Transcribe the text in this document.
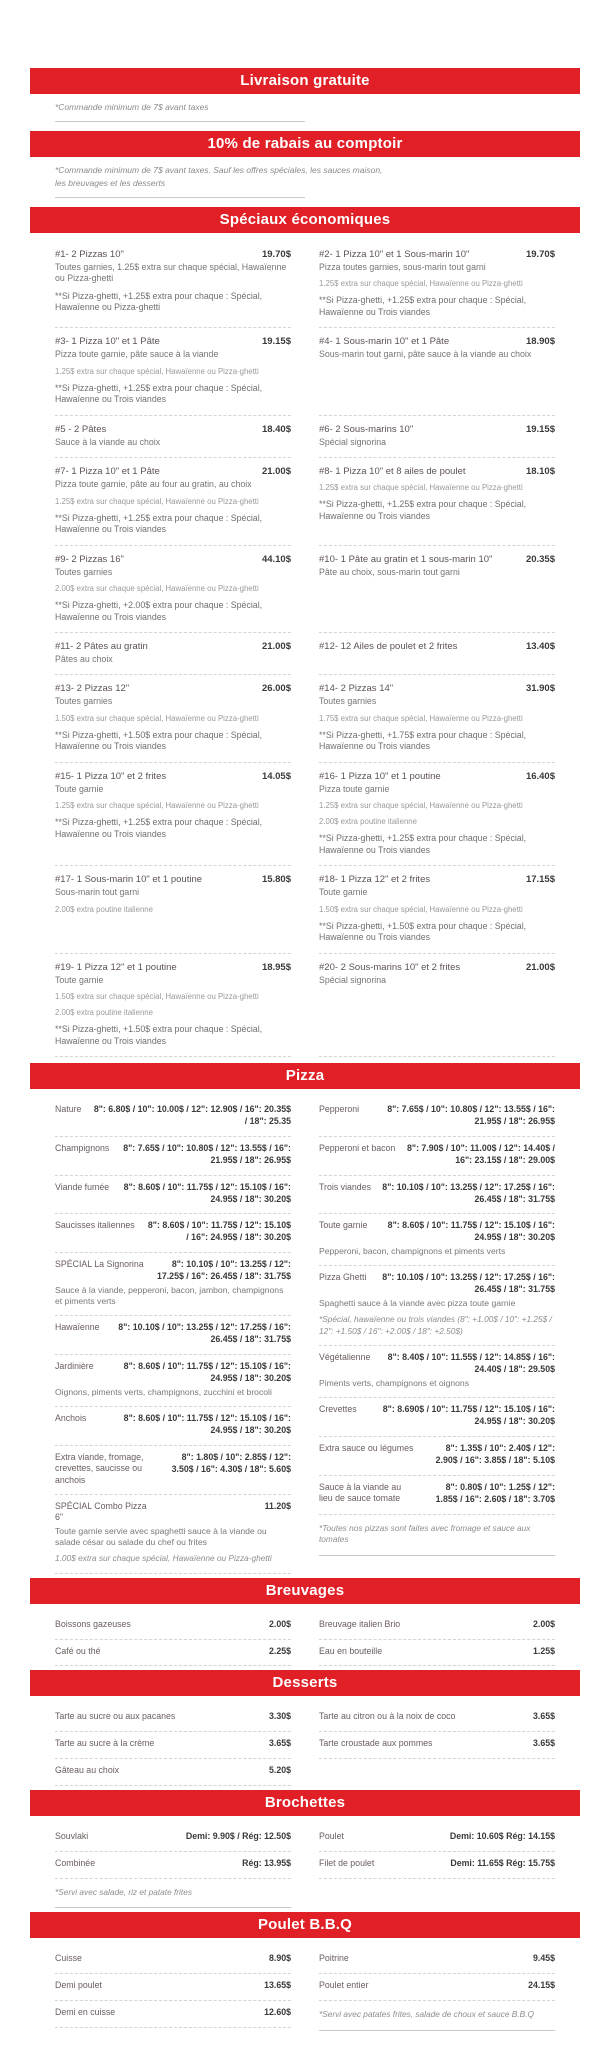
Livraison gratuite
*Commande minimum de 7$ avant taxes
10% de rabais au comptoir
*Commande minimum de 7$ avant taxes. Sauf les offres spéciales, les sauces maison, les breuvages et les desserts
Spéciaux économiques
#1- 2 Pizzas 10"	19.70$
Toutes garnies, 1.25$ extra sur chaque spécial, Hawaïenne ou Pizza-ghetti
**Si Pizza-ghetti, +1.25$ extra pour chaque : Spécial, Hawaïenne ou Pizza-ghetti
#2- 1 Pizza 10" et 1 Sous-marin 10"	19.70$
Pizza toutes garnies, sous-marin tout garni
1.25$ extra sur chaque spécial, Hawaïenne ou Pizza-ghetti
**Si Pizza-ghetti, +1.25$ extra pour chaque : Spécial, Hawaïenne ou Trois viandes
#3- 1 Pizza 10" et 1 Pâte	19.15$
Pizza toute garnie, pâte sauce à la viande
1.25$ extra sur chaque spécial, Hawaïenne ou Pizza-ghetti
**Si Pizza-ghetti, +1.25$ extra pour chaque : Spécial, Hawaïenne ou Trois viandes
#4- 1 Sous-marin 10" et 1 Pâte	18.90$
Sous-marin tout garni, pâte sauce à la viande au choix
#5 - 2 Pâtes	18.40$
Sauce à la viande au choix
#6- 2 Sous-marins 10"	19.15$
Spécial signorina
#7- 1 Pizza 10" et 1 Pâte	21.00$
Pizza toute garnie, pâte au four au gratin, au choix
1.25$ extra sur chaque spécial, Hawaïenne ou Pizza-ghetti
**Si Pizza-ghetti, +1.25$ extra pour chaque : Spécial, Hawaïenne ou Trois viandes
#8- 1 Pizza 10" et 8 ailes de poulet	18.10$
1.25$ extra sur chaque spécial, Hawaïenne ou Pizza-ghetti
**Si Pizza-ghetti, +1.25$ extra pour chaque : Spécial, Hawaïenne ou Trois viandes
#9- 2 Pizzas 16"	44.10$
Toutes garnies
2.00$ extra sur chaque spécial, Hawaïenne ou Pizza-ghetti
**Si Pizza-ghetti, +2.00$ extra pour chaque : Spécial, Hawaïenne ou Trois viandes
#10- 1 Pâte au gratin et 1 sous-marin 10"	20.35$
Pâte au choix, sous-marin tout garni
#11- 2 Pâtes au gratin	21.00$
Pâtes au choix
#12- 12 Ailes de poulet et 2 frites	13.40$
#13- 2 Pizzas 12"	26.00$
Toutes garnies
1.50$ extra sur chaque spécial, Hawaïenne ou Pizza-ghetti
**Si Pizza-ghetti, +1.50$ extra pour chaque : Spécial, Hawaïenne ou Trois viandes
#14- 2 Pizzas 14"	31.90$
Toutes garnies
1.75$ extra sur chaque spécial, Hawaïenne ou Pizza-ghetti
**Si Pizza-ghetti, +1.75$ extra pour chaque : Spécial, Hawaïenne ou Trois viandes
#15- 1 Pizza 10" et 2 frites	14.05$
Toute garnie
1.25$ extra sur chaque spécial, Hawaïenne ou Pizza-ghetti
**Si Pizza-ghetti, +1.25$ extra pour chaque : Spécial, Hawaïenne ou Trois viandes
#16- 1 Pizza 10" et 1 poutine	16.40$
Pizza toute garnie
1.25$ extra sur chaque spécial, Hawaïenne ou Pizza-ghetti
2.00$ extra poutine italienne
**Si Pizza-ghetti, +1.25$ extra pour chaque : Spécial, Hawaïenne ou Trois viandes
#17- 1 Sous-marin 10" et 1 poutine	15.80$
Sous-marin tout garni
2.00$ extra poutine italienne
#18- 1 Pizza 12" et 2 frites	17.15$
Toute garnie
1.50$ extra sur chaque spécial, Hawaïenne ou Pizza-ghetti
**Si Pizza-ghetti, +1.50$ extra pour chaque : Spécial, Hawaïenne ou Trois viandes
#19- 1 Pizza 12" et 1 poutine	18.95$
Toute garnie
1.50$ extra sur chaque spécial, Hawaïenne ou Pizza-ghetti
2.00$ extra poutine italienne
**Si Pizza-ghetti, +1.50$ extra pour chaque : Spécial, Hawaïenne ou Trois viandes
#20- 2 Sous-marins 10" et 2 frites	21.00$
Spécial signorina
Pizza
Nature 8": 6.80$ / 10": 10.00$ / 12": 12.90$ / 16": 20.35$ / 18": 25.35
Champignons	8": 7.65$ / 10": 10.80$ / 12": 13.55$ / 16": 21.95$ / 18": 26.95$
Viande fumée	8": 8.60$ / 10": 11.75$ / 12": 15.10$ / 16": 24.95$ / 18": 30.20$
Saucisses italiennes	8": 8.60$ / 10": 11.75$ / 12": 15.10$ / 16": 24.95$ / 18": 30.20$
SPÉCIAL La Signorina	8": 10.10$ / 10": 13.25$ / 12": 17.25$ / 16": 26.45$ / 18": 31.75$
Sauce à la viande, pepperoni, bacon, jambon, champignons et piments verts
Hawaïenne	8": 10.10$ / 10": 13.25$ / 12": 17.25$ / 16": 26.45$ / 18": 31.75$
Jardinière	8": 8.60$ / 10": 11.75$ / 12": 15.10$ / 16": 24.95$ / 18": 30.20$
Oignons, piments verts, champignons, zucchini et brocoli
Anchois	8": 8.60$ / 10": 11.75$ / 12": 15.10$ / 16": 24.95$ / 18": 30.20$
Extra viande, fromage, crevettes, saucisse ou anchois
8": 1.80$ / 10": 2.85$ / 12": 3.50$ / 16": 4.30$ / 18": 5.60$
SPÉCIAL Combo Pizza 6"
11.20$
Toute garnie servie avec spaghetti sauce à la viande ou salade césar ou salade du chef ou frites
1.00$ extra sur chaque spécial, Hawaïenne ou Pizza-ghetti
Pepperoni	8": 7.65$ / 10": 10.80$ / 12": 13.55$ / 16": 21.95$ / 18": 26.95$
Pepperoni et bacon 8": 7.90$ / 10": 11.00$ / 12": 14.40$ / 16": 23.15$ / 18": 29.00$
Trois viandes 8": 10.10$ / 10": 13.25$ / 12": 17.25$ / 16": 26.45$ / 18": 31.75$
Toute garnie	8": 8.60$ / 10": 11.75$ / 12": 15.10$ / 16": 24.95$ / 18": 30.20$
Pepperoni, bacon, champignons et piments verts
Pizza Ghetti	8": 10.10$ / 10": 13.25$ / 12": 17.25$ / 16": 26.45$ / 18": 31.75$
Spaghetti sauce à la viande avec pizza toute garnie
*Spécial, hawaïenne ou trois viandes (8": +1.00$ / 10": +1.25$ / 12": +1.50$ / 16": +2.00$ / 18": +2.50$)
Végétalienne	8": 8.40$ / 10": 11.55$ / 12": 14.85$ / 16": 24.40$ / 18": 29.50$
Piments verts, champignons et oignons
Crevettes	8": 8.690$ / 10": 11.75$ / 12": 15.10$ / 16": 24.95$ / 18": 30.20$
Extra sauce ou légumes	8": 1.35$ / 10": 2.40$ / 12": 2.90$ / 16": 3.85$ / 18": 5.10$
Sauce à la viande au lieu de sauce tomate
8": 0.80$ / 10": 1.25$ / 12": 1.85$ / 16": 2.60$ / 18": 3.70$
*Toutes nos pizzas sont faites avec fromage et sauce aux tomates
Breuvages
Boissons gazeuses	2.00$
Café ou thé	2.25$
Breuvage italien Brio	2.00$
Eau en bouteille	1.25$
Desserts
Tarte au sucre ou aux pacanes	3.30$
Tarte au sucre à la crème	3.65$
Gâteau au choix	5.20$
Tarte au citron ou à la noix de coco	3.65$
Tarte croustade aux pommes	3.65$
Brochettes
Souvlaki	Demi: 9.90$ / Rég: 12.50$
Combinée	Rég: 13.95$
*Servi avec salade, riz et patate frites
Poulet	Demi: 10.60$ Rég: 14.15$
Filet de poulet	Demi: 11.65$ Rég: 15.75$
Poulet B.B.Q
Cuisse	8.90$
Demi poulet	13.65$
Demi en cuisse	12.60$
Poitrine	9.45$
Poulet entier	24.15$
*Servi avec patates frites, salade de choux et sauce B.B.Q
